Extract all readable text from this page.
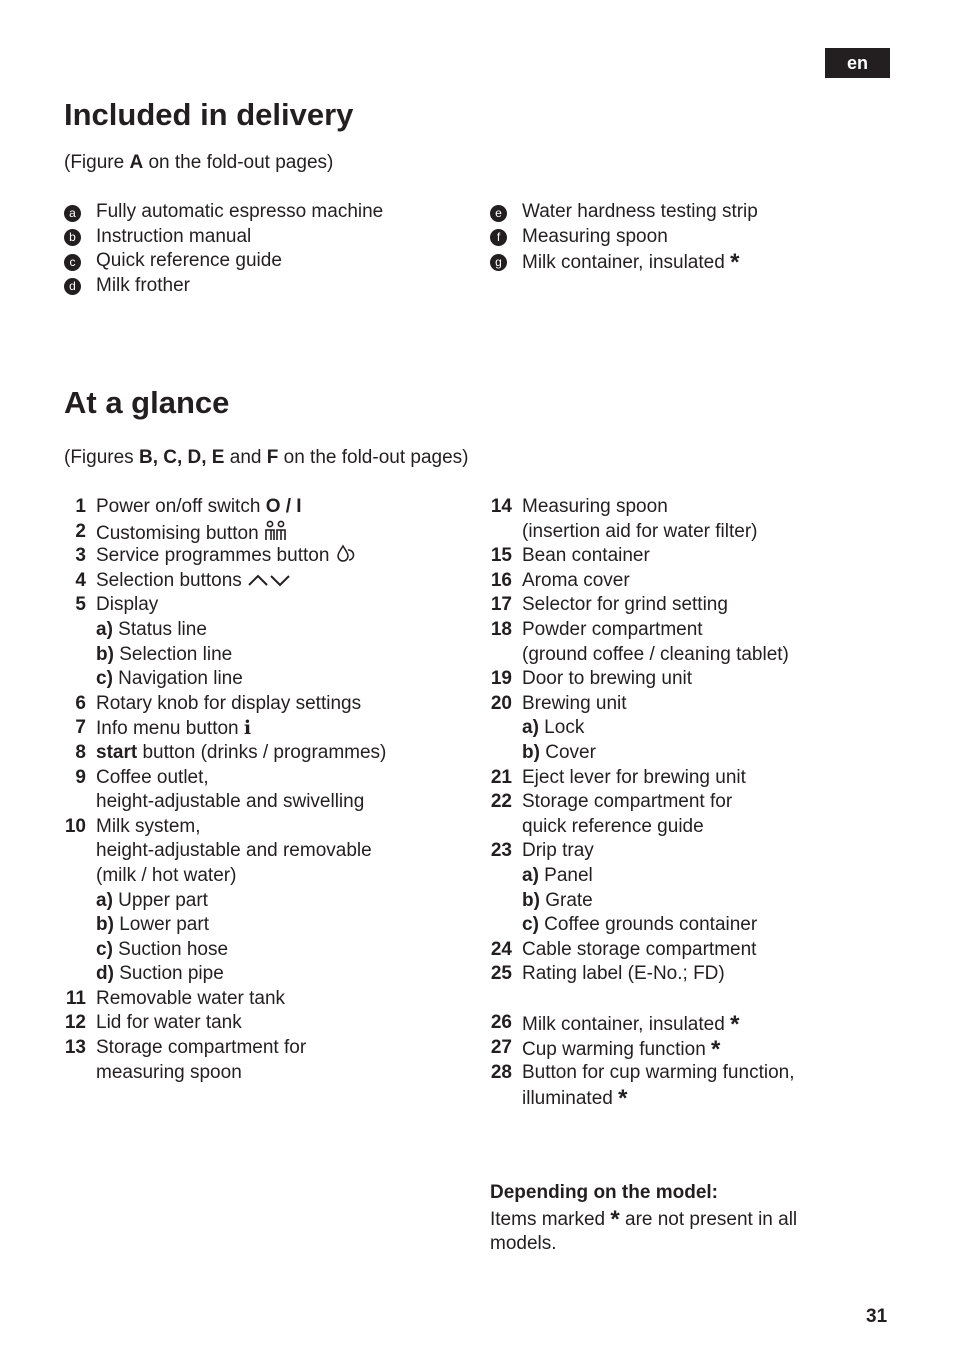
en
Included in delivery

(Figure A on the fold-out pages)

a Fully automatic espresso machine
b Instruction manual
c Quick reference guide
d Milk frother
e Water hardness testing strip
f	Measuring spoon
g Milk container, insulated *
At a glance

(Figures B, C, D, E and F on the fold-out pages)

1 Power on/off switch O / I
2 Customising button
3 Service programmes button
4 Selection buttons
5 Display
a) Status line
b) Selection line
c) Navigation line
6 Rotary knob for display settings
7 Info menu button i
8 start button (drinks / programmes)
9 Coffee outlet,
height-adjustable and swivelling
10 Milk system,
height-adjustable and removable
(milk / hot water)
a) Upper part
b) Lower part
c) Suction hose
d) Suction pipe
11 Removable water tank
12 Lid for water tank
13 Storage compartment for
measuring spoon
14 Measuring spoon
(insertion aid for water filter)
15 Bean container
16 Aroma cover
17 Selector for grind setting
18 Powder compartment
(ground coffee / cleaning tablet)
19 Door to brewing unit
20 Brewing unit
a) Lock
b) Cover
21 Eject lever for brewing unit
22 Storage compartment for
quick reference guide
23 Drip tray
a) Panel
b) Grate
c) Coffee grounds container
24 Cable storage compartment
25 Rating label (E-No.; FD)
26 Milk container, insulated *
27 Cup warming function *
28 Button for cup warming function,
illuminated *
Depending on the model:
Items marked * are not present in all models.
31
